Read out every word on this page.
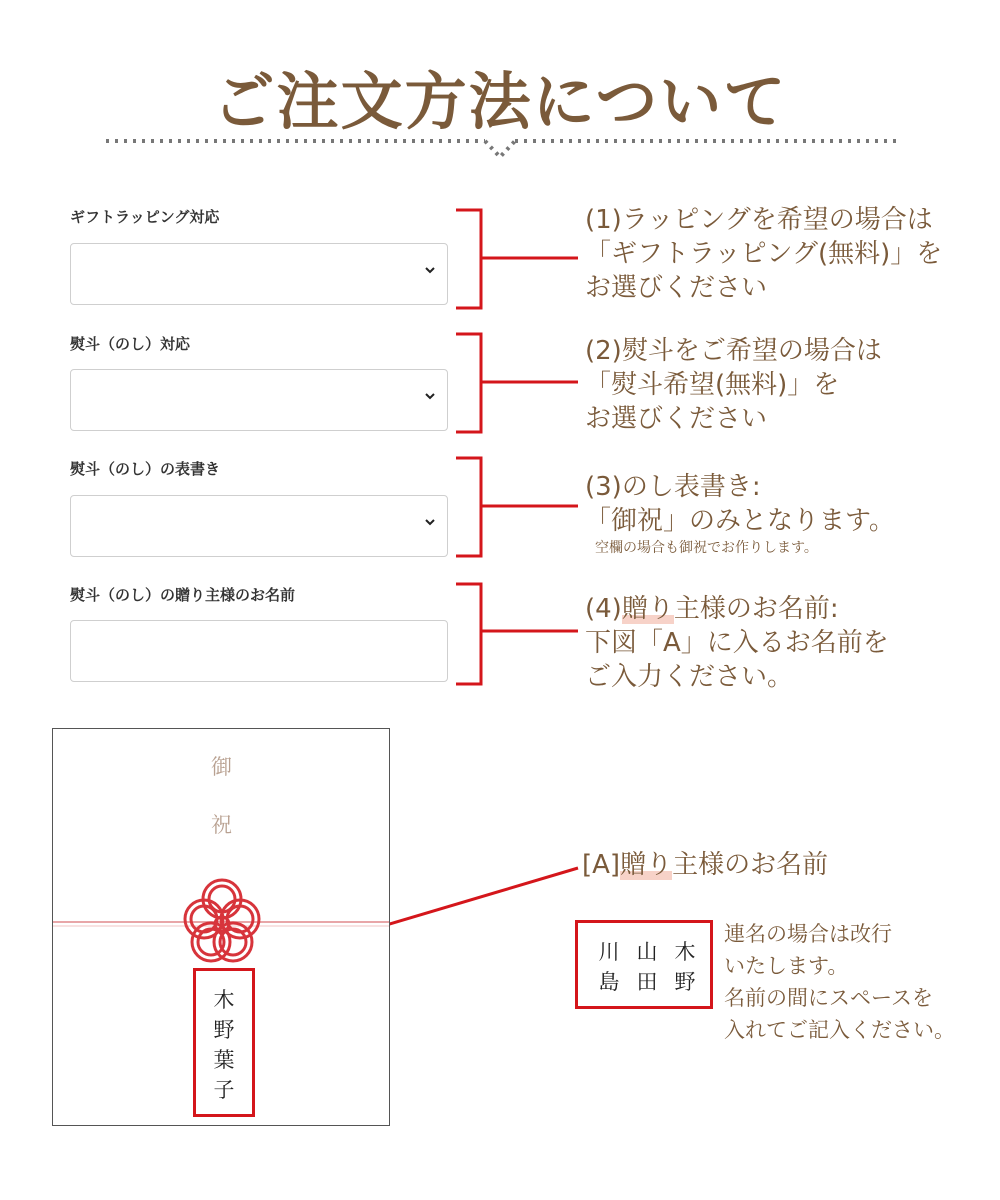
ご注文方法について
ギフトラッピング対応
熨斗（のし）対応
熨斗（のし）の表書き
熨斗（のし）の贈り主様のお名前
(1)ラッピングを希望の場合は
「ギフトラッピング(無料)」を
お選びください
(2)熨斗をご希望の場合は
「熨斗希望(無料)」を
お選びください
(3)のし表書き:
「御祝」のみとなります。
空欄の場合も御祝でお作りします。
(4)贈り主様のお名前:
下図「A」に入るお名前を
ご入力ください。
御
祝
木
野
葉
子
[A]贈り主様のお名前
木
野
山
田
川
島
連名の場合は改行
いたします。
名前の間にスペースを
入れてご記入ください。
